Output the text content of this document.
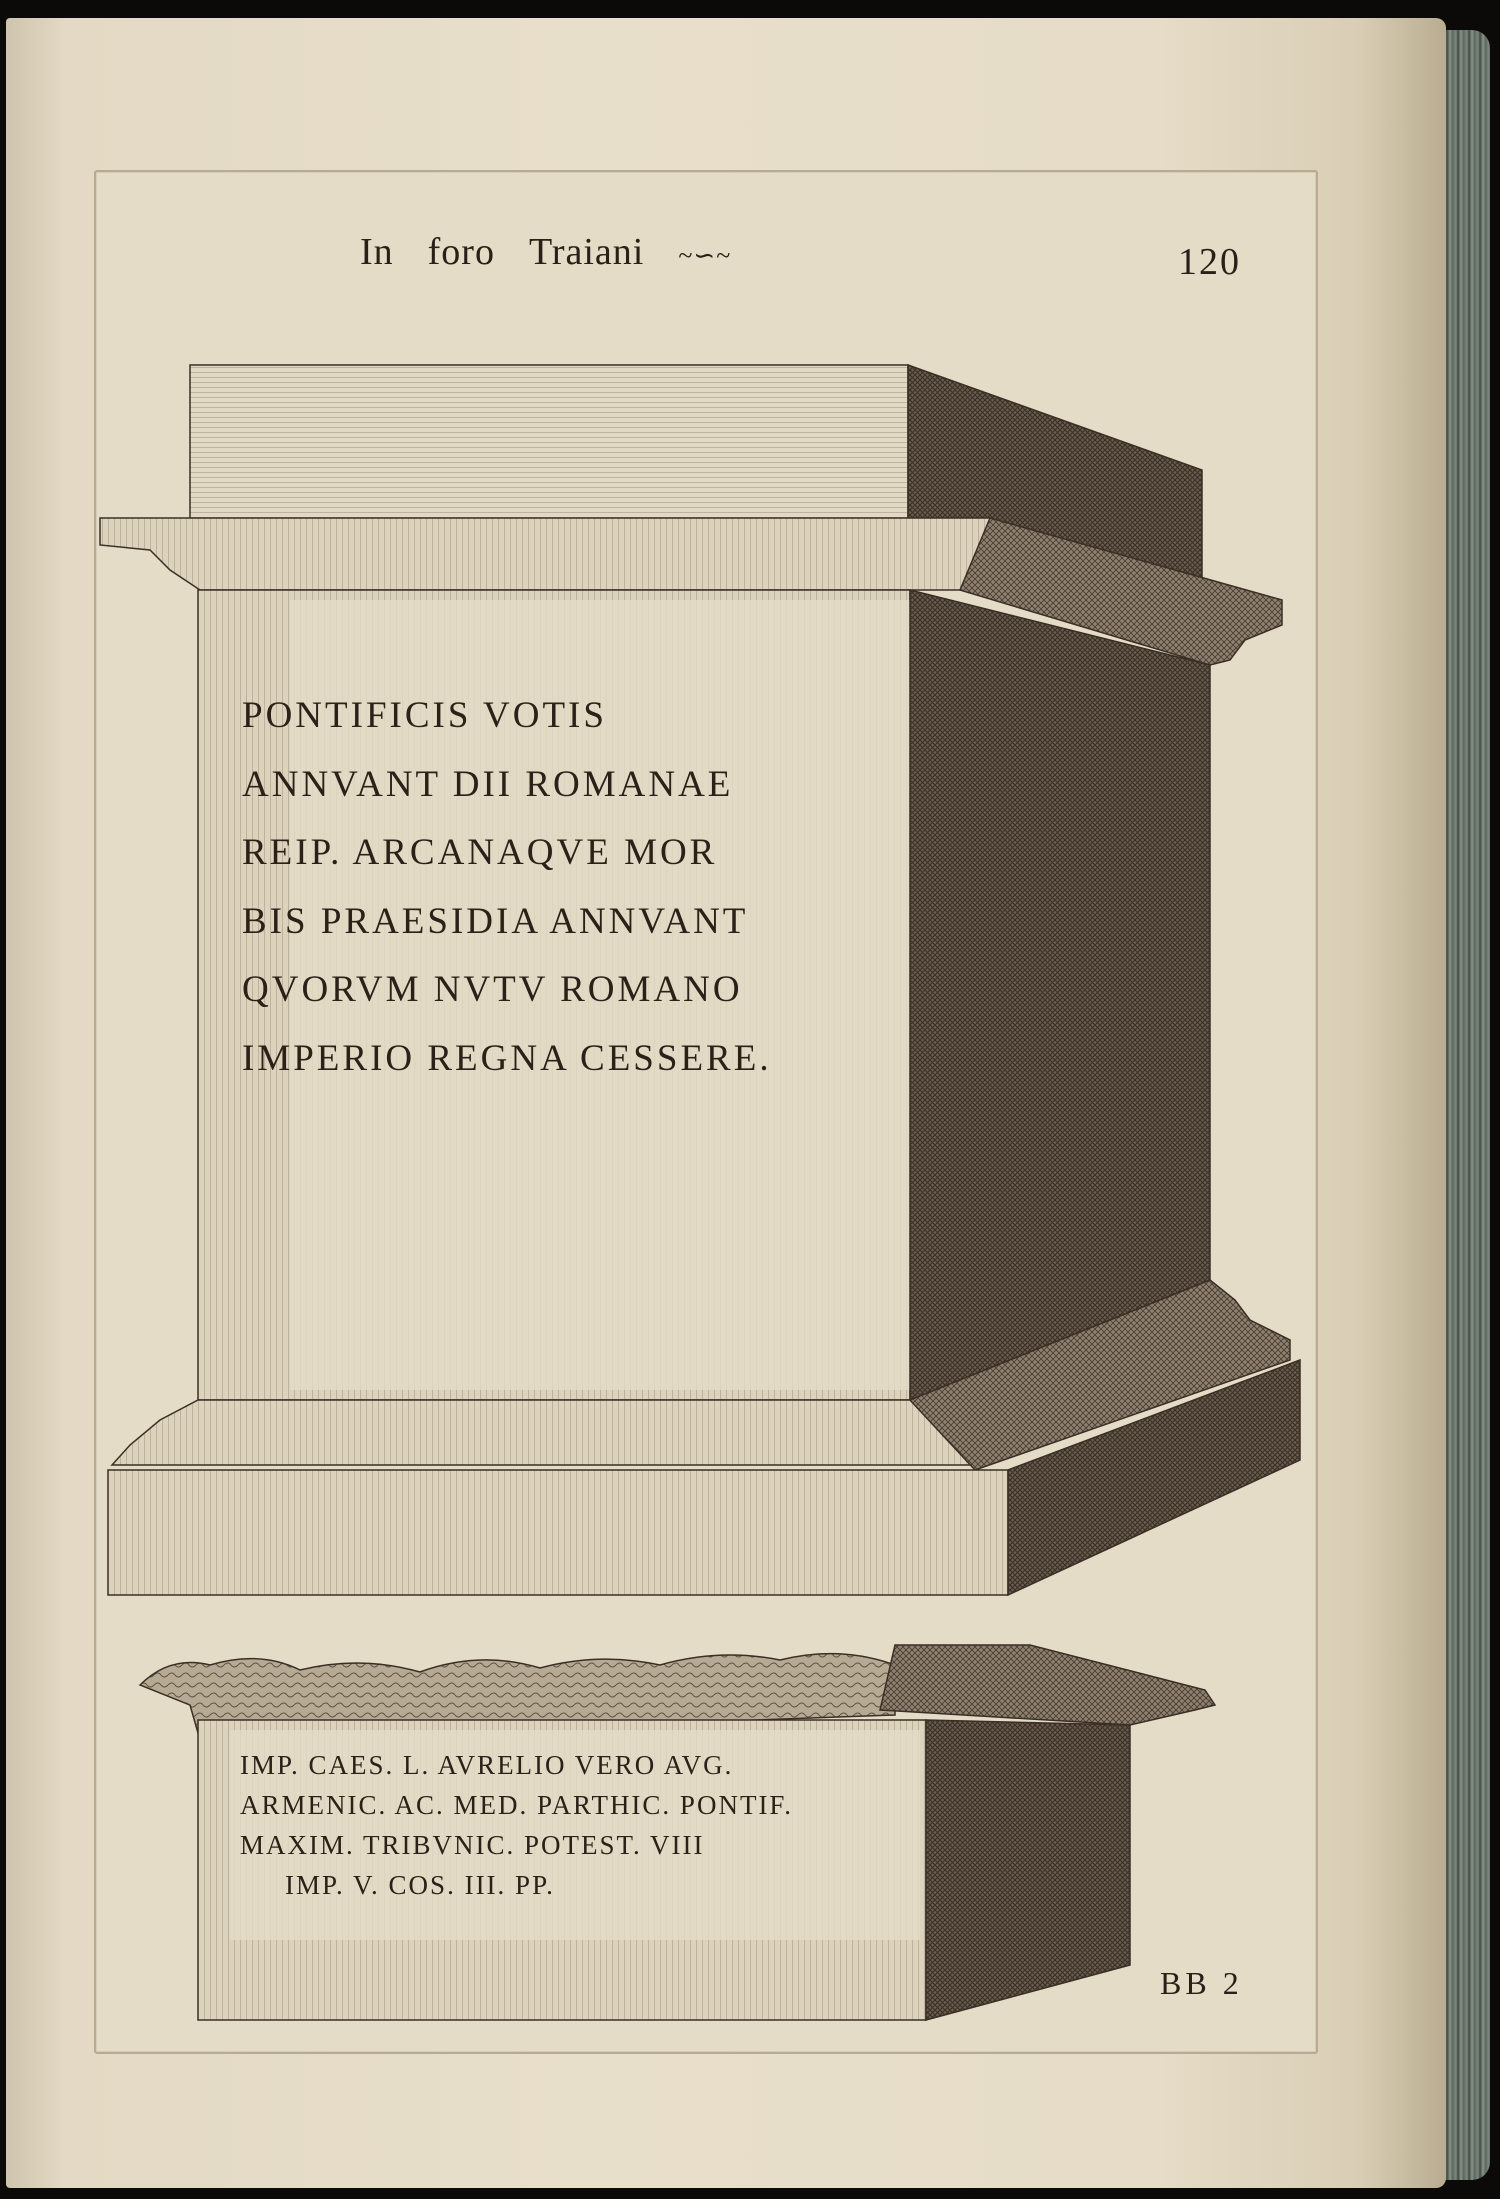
In foro Traiani ~∽~	120
PONTIFICIS VOTIS
ANNVANT DII ROMANAE
REIP. ARCANAQVE MOR
BIS PRAESIDIA ANNVANT
QVORVM NVTV ROMANO
IMPERIO REGNA CESSERE.
IMP. CAES. L. AVRELIO VERO AVG.
ARMENIC. AC. MED. PARTHIC. PONTIF.
MAXIM. TRIBVNIC. POTEST. VIII
IMP. V. COS. III. PP.
BB 2
